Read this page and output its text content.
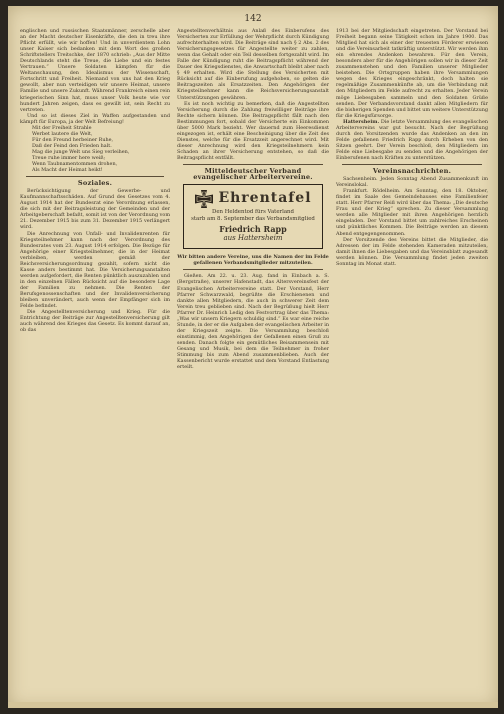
142

englischen und russischen Staatsmänner, zerschelle aber an der Macht deutscher Eisenkräfte, die den in treu ihre Pflicht erfüllt, wie wir hoffen! Und in unverdientem Lohn unser Kaiser sich bedanken mit dem Wort des großen Schriftstellers Treitschke, der 1870 schrieb: „Aus der Mitte Deutschlands steht die Treue, die Liebe und ein festes Vertrauen.“ Unsere Soldaten kämpfen für die Weltanschauung, den Idealismus der Wissenschaft, Fortschritt und Freiheit. Niemand von uns hat den Krieg gewollt, aber nun verteidigen wir unsere Heimat, unsere Familie und unsere Zukunft. Während Frankreich einen rein kriegerischen Sinn hat, muss unser Volk heute wie vor hundert Jahren zeigen, dass es gewillt ist, sein Recht zu vertreten.

Und so ist dieses Ziel in Waffen aufgestanden und kämpft für Europa, ja der Welt Befreiung!

Mit der Freiheit Strahle
Werbet lautere die Welt,
Für den Freund herbeiner Ruhe,
Daß der Feind den Frieden halt.
Mag die junge Welt uns Sieg verleihen,
Treue ruhe immer here weiß;
Wenn Taubnamentommen drohen,
Als Macht der Heimat heikt!
Soziales.

Berücksichtigung der Gewerbe- und Kaufmannschaftsschäden. Auf Grund des Gesetzes vom 4. August 1914 hat der Bundesrat eine Verordnung erlassen, die sich mit der Beitragsleistung der Gemeinden und der Arbeitgeberschaft befaßt, somit ist von der Verordnung vom 21. Dezember 1915 bis zum 31. Dezember 1915 verlängert wird.

Die Anrechnung von Unfall- und Invalidenrenten für Kriegsteilnehmer kann nach der Verordnung des Bundesrates vom 23. August 1914 erfolgen. Die Bezüge für Angehörige einer Kriegsteilnehmer, die in der Heimat verbleiben, werden gemäß der Reichsversicherungsordnung gezahlt, sofern nicht die Kasse anders bestimmt hat. Die Versicherungsanstalten werden aufgefordert, die Renten pünktlich auszuzahlen und in den einzelnen Fällen Rücksicht auf die besondere Lage der Familien zu nehmen. Die Renten der Berufsgenossenschaften und der Invalidenversicherung bleiben unverändert, auch wenn der Empfänger sich im Felde befindet.

Die Angestelltenversicherung und Krieg. Für die Entrichtung der Beiträge zur Angestelltenversicherung gilt auch während des Krieges das Gesetz. Es kommt darauf an, ob das

Angestelltenverhältnis aus Anlaß des Einberufens des Versicherten zur Erfüllung der Wehrpflicht durch Kündigung aufrechterhalten wird. Die Beiträge sind nach § 2 Abs. 2 des Versicherungsgesetzes für Angestellte weiter zu zahlen, wenn das Gehalt oder ein Teil desselben fortgezahlt wird. Im Falle der Kündigung ruht die Beitragspflicht während der Dauer des Kriegsdienstes, die Anwartschaft bleibt aber nach § 49 erhalten. Wird die Stellung des Versicherten mit Rücksicht auf die Einberufung aufgehoben, so gelten die Beitragszeiten als Ersatzzeiten. Den Angehörigen der Kriegsteilnehmer kann die Reichsversicherungsanstalt Unterstützungen gewähren.

Es ist noch wichtig zu bemerken, daß die Angestellten Versicherung durch die Zahlung freiwilliger Beiträge ihre Rechte sichern können. Die Beitragspflicht fällt nach den Bestimmungen fort, sobald der Versicherte ein Einkommen über 5000 Mark bezieht. Wer dauernd zum Heeresdienst eingezogen ist, erhält eine Bescheinigung über die Zeit des Dienstes, welche für die Ersatzzeit angerechnet wird. Mit dieser Anrechnung wird den Kriegsteilnehmern kein Schaden an ihrer Versicherung entstehen, so daß die Beitragspflicht entfällt.

Mitteldeutscher Verband evangelischer Arbeitervereine.
Ehrentafel
Den Heldentod fürs Vaterland
starb am 8. September das Verbandsmitglied
Friedrich Rapp
aus Hattersheim

Wir bitten andere Vereine, uns die Namen der im Felde gefallenen Verbandsmitglieder mitzuteilen.

Gießen. Am 22. u. 23. Aug. fand in Einbach a. S. (Bergstraße), unserer Hafenstadt, das Altersvereinsfest der Evangelischen Arbeitervereine statt. Der Vorstand, Herr Pfarrer Schwarzwald, begrüßte die Erschienenen und dankte allen Mitgliedern, die auch in schwerer Zeit dem Verein treu geblieben sind. Nach der Begrüßung hielt Herr Pfarrer Dr. Heinrich Ledig den Festvortrag über das Thema: „Was wir unsern Kriegern schuldig sind.“ Es war eine reiche Stunde, in der er die Aufgaben der evangelischen Arbeiter in der Kriegszeit zeigte. Die Versammlung beschloß einstimmig, den Angehörigen der Gefallenen einen Gruß zu senden. Danach folgte ein gemütliches Beisammensein mit Gesang und Musik, bei dem die Teilnehmer in froher Stimmung bis zum Abend zusammenblieben. Auch der Kassenbericht wurde erstattet und dem Vorstand Entlastung erteilt.

1913 bei der Mitgliedschaft eingetreten. Der Vorstand bei Freiheit begann seine Tätigkeit schon im Jahre 1900. Das Mitglied hat sich als einer der treuesten Förderer erwiesen und die Vereinsarbeit tatkräftig unterstützt. Wir werden ihm ein ehrendes Andenken bewahren. Für den Verein, besonders aber für die Angehörigen sollen wir in dieser Zeit zusammenstehen und den Familien unserer Mitglieder beistehen. Die Ortsgruppen haben ihre Versammlungen wegen des Krieges eingeschränkt, doch halten sie regelmäßige Zusammenkünfte ab, um die Verbindung mit den Mitgliedern im Felde aufrecht zu erhalten. Jeder Verein möge Liebesgaben sammeln und den Soldaten Grüße senden. Der Verbandsvorstand dankt allen Mitgliedern für die bisherigen Spenden und bittet um weitere Unterstützung für die Kriegsfürsorge.

Hattersheim. Die letzte Versammlung des evangelischen Arbeitervereins war gut besucht. Nach der Begrüßung durch den Vorsitzenden wurde das Andenken an den im Felde gefallenen Friedrich Rapp durch Erheben von den Sitzen geehrt. Der Verein beschloß, den Mitgliedern im Felde eine Liebesgabe zu senden und die Angehörigen der Einberufenen nach Kräften zu unterstützen.

Vereinsnachrichten.

Sachsenheim. Jeden Sonntag Abend Zusammenkunft im Vereinslokal.

Frankfurt. Rödelheim. Am Sonntag, den 18. Oktober, findet im Saale des Gemeindehauses eine Familienfeier statt. Herr Pfarrer Reiß wird über das Thema: „Die deutsche Frau und der Krieg“ sprechen. Zu dieser Versammlung werden alle Mitglieder mit ihren Angehörigen herzlich eingeladen. Der Vorstand bittet um zahlreiches Erscheinen und pünktliches Kommen. Die Beiträge werden an diesem Abend entgegengenommen.

Der Vorsitzende des Vereins bittet die Mitglieder, die Adressen der im Felde stehenden Kameraden mitzuteilen, damit ihnen die Liebesgaben und das Vereinsblatt zugesandt werden können. Die Versammlung findet jeden zweiten Sonntag im Monat statt.
